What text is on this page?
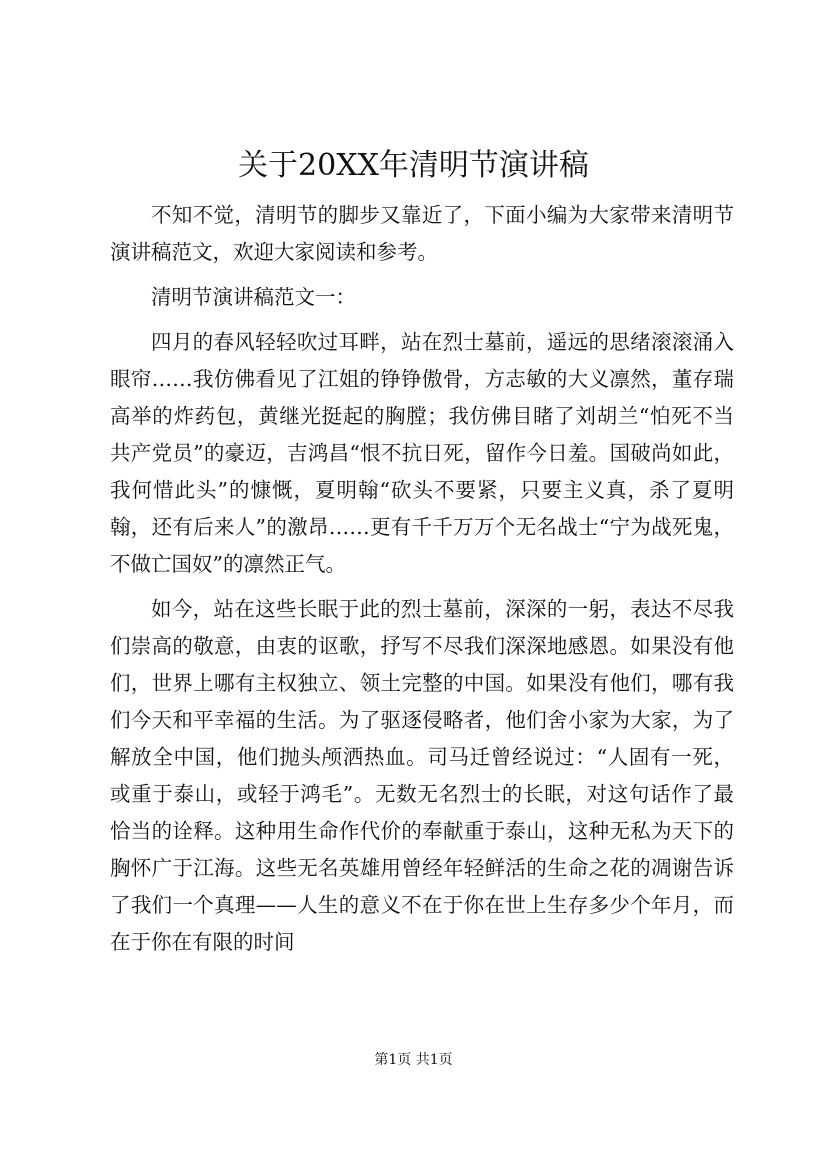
关于20XX年清明节演讲稿

不知不觉，清明节的脚步又靠近了，下面小编为大家带来清明节演讲稿范文，欢迎大家阅读和参考。

清明节演讲稿范文一：

四月的春风轻轻吹过耳畔，站在烈士墓前，遥远的思绪滚滚涌入眼帘……我仿佛看见了江姐的铮铮傲骨，方志敏的大义凛然，董存瑞高举的炸药包，黄继光挺起的胸膛；我仿佛目睹了刘胡兰“怕死不当共产党员”的豪迈，吉鸿昌“恨不抗日死，留作今日羞。国破尚如此，我何惜此头”的慷慨，夏明翰“砍头不要紧，只要主义真，杀了夏明翰，还有后来人”的激昂……更有千千万万个无名战士“宁为战死鬼，不做亡国奴”的凛然正气。

如今，站在这些长眠于此的烈士墓前，深深的一躬，表达不尽我们崇高的敬意，由衷的讴歌，抒写不尽我们深深地感恩。如果没有他们，世界上哪有主权独立、领土完整的中国。如果没有他们，哪有我们今天和平幸福的生活。为了驱逐侵略者，他们舍小家为大家，为了解放全中国，他们抛头颅洒热血。司马迁曾经说过：“人固有一死，或重于泰山，或轻于鸿毛”。无数无名烈士的长眠，对这句话作了最恰当的诠释。这种用生命作代价的奉献重于泰山，这种无私为天下的胸怀广于江海。这些无名英雄用曾经年轻鲜活的生命之花的凋谢告诉了我们一个真理——人生的意义不在于你在世上生存多少个年月，而在于你在有限的时间

第1页 共1页
